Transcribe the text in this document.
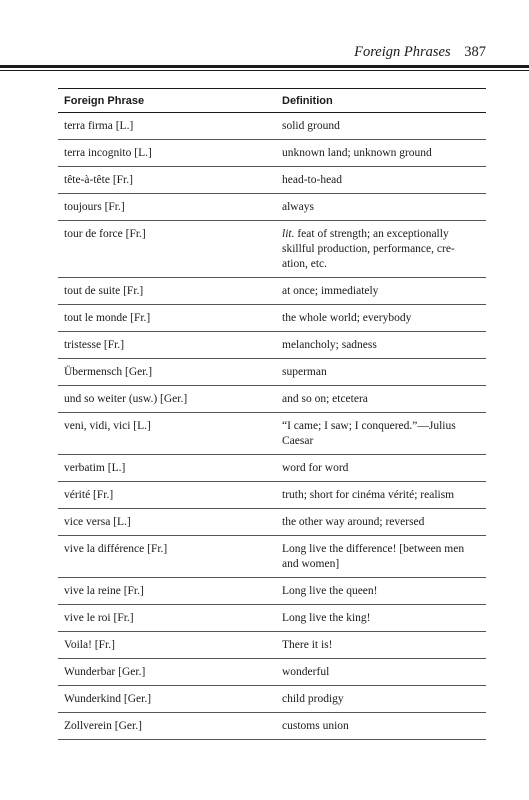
Foreign Phrases 387
Foreign Phrase	Definition
terra firma [L.]	solid ground
terra incognito [L.]	unknown land; unknown ground
tête-à-tête [Fr.]	head-to-head
toujours [Fr.]	always
tour de force [Fr.]	lit. feat of strength; an exceptionally skillful production, performance, cre-ation, etc.
tout de suite [Fr.]	at once; immediately
tout le monde [Fr.]	the whole world; everybody
tristesse [Fr.]	melancholy; sadness
Übermensch [Ger.]	superman
und so weiter (usw.) [Ger.]	and so on; etcetera
veni, vidi, vici [L.]	“I came; I saw; I conquered.”—Julius Caesar
verbatim [L.]	word for word
vérité [Fr.]	truth; short for cinéma vérité; realism
vice versa [L.]	the other way around; reversed
vive la différence [Fr.]	Long live the difference! [between men and women]
vive la reine [Fr.]	Long live the queen!
vive le roi [Fr.]	Long live the king!
Voila! [Fr.]	There it is!
Wunderbar [Ger.]	wonderful
Wunderkind [Ger.]	child prodigy
Zollverein [Ger.]	customs union
